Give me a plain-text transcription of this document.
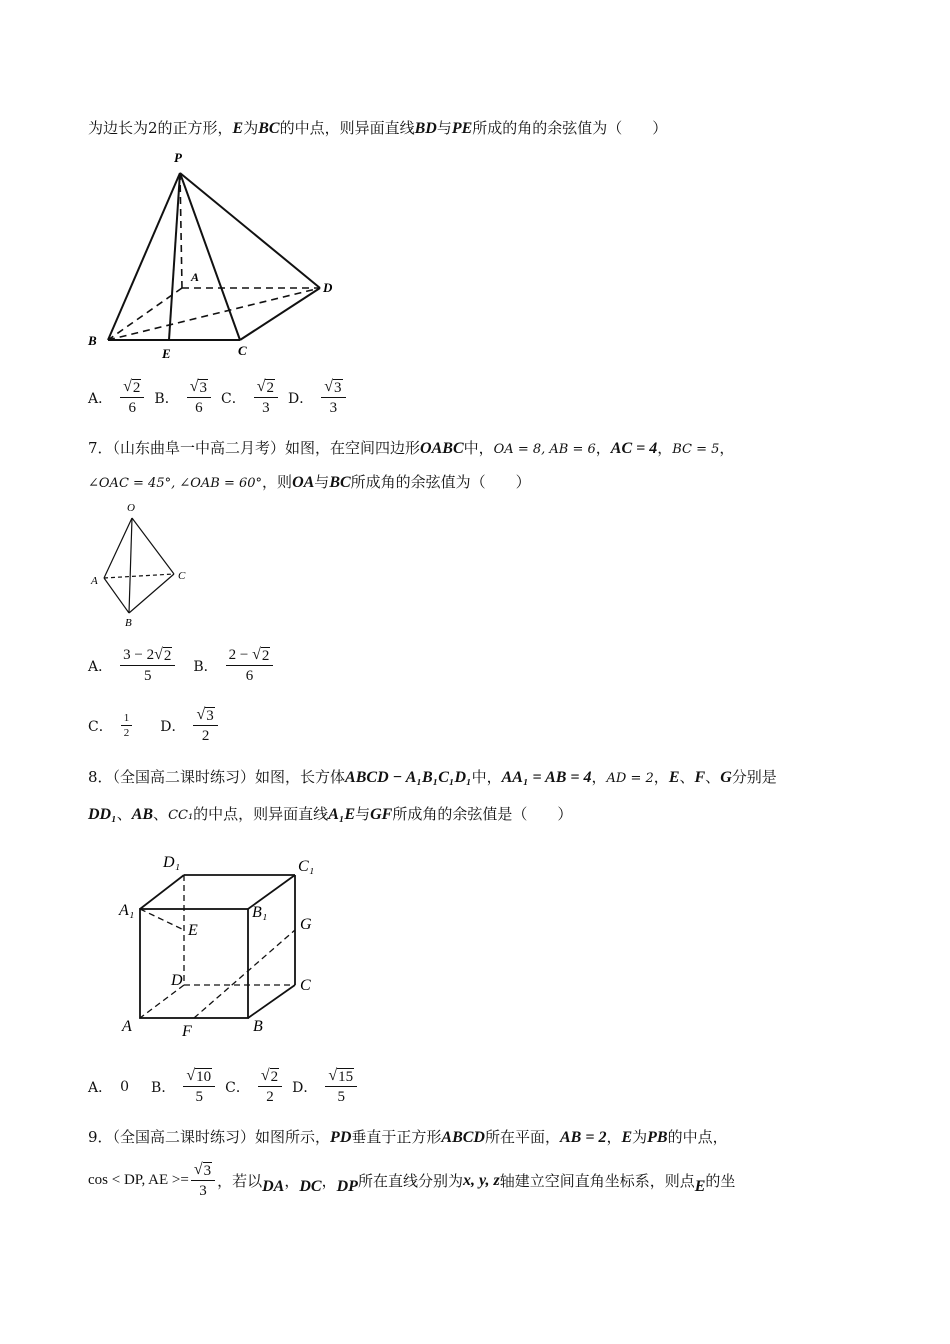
为边长为2的正方形，E为BC的中点，则异面直线BD与PE所成的角的余弦值为（　　）
P
A
D
B
E	C
A． $\frac{√ 2}{6}$ B． $\frac{√ 3}{6}$ C． $\frac{√ 2}{3}$ D． $\frac{√ 3}{3}$
7．（山东曲阜一中高二月考）如图，在空间四边形OABC中，OA = 8, AB = 6，AC = 4，BC = 5，
∠OAC = 45°, ∠OAB = 60°，则OA与BC所成角的余弦值为（　　）
O
A	C
B
A． $\frac{3 - 2 √ 2}{5}$ B． $\frac{2 - √ 2}{6}$
C． $\frac{1}{2}$ D． $\frac{√ 3}{2}$
8．（全国高二课时练习）如图，长方体ABCD − A₁B₁C₁D₁中，AA₁ = AB = 4，AD = 2，E、F、G分别是
DD₁、AB、CC₁的中点，则异面直线A₁E与GF所成角的余弦值是（　　）
D₁	C₁
A₁	B₁
E	G
D	C
A	F	B
A． 0 B． $\frac{√ 10}{5}$ C． $\frac{√ 2}{2}$ D． $\frac{√ 15}{5}$
9．（全国高二课时练习）如图所示，PD垂直于正方形ABCD所在平面，AB = 2，E为PB的中点，
cos < DP, AE >= $\frac{√ 3}{3}$ ，若以 DA ， DC ， DP 所在直线分别为 x, y, z 轴建立空间直角坐标系，则点 E 的坐
